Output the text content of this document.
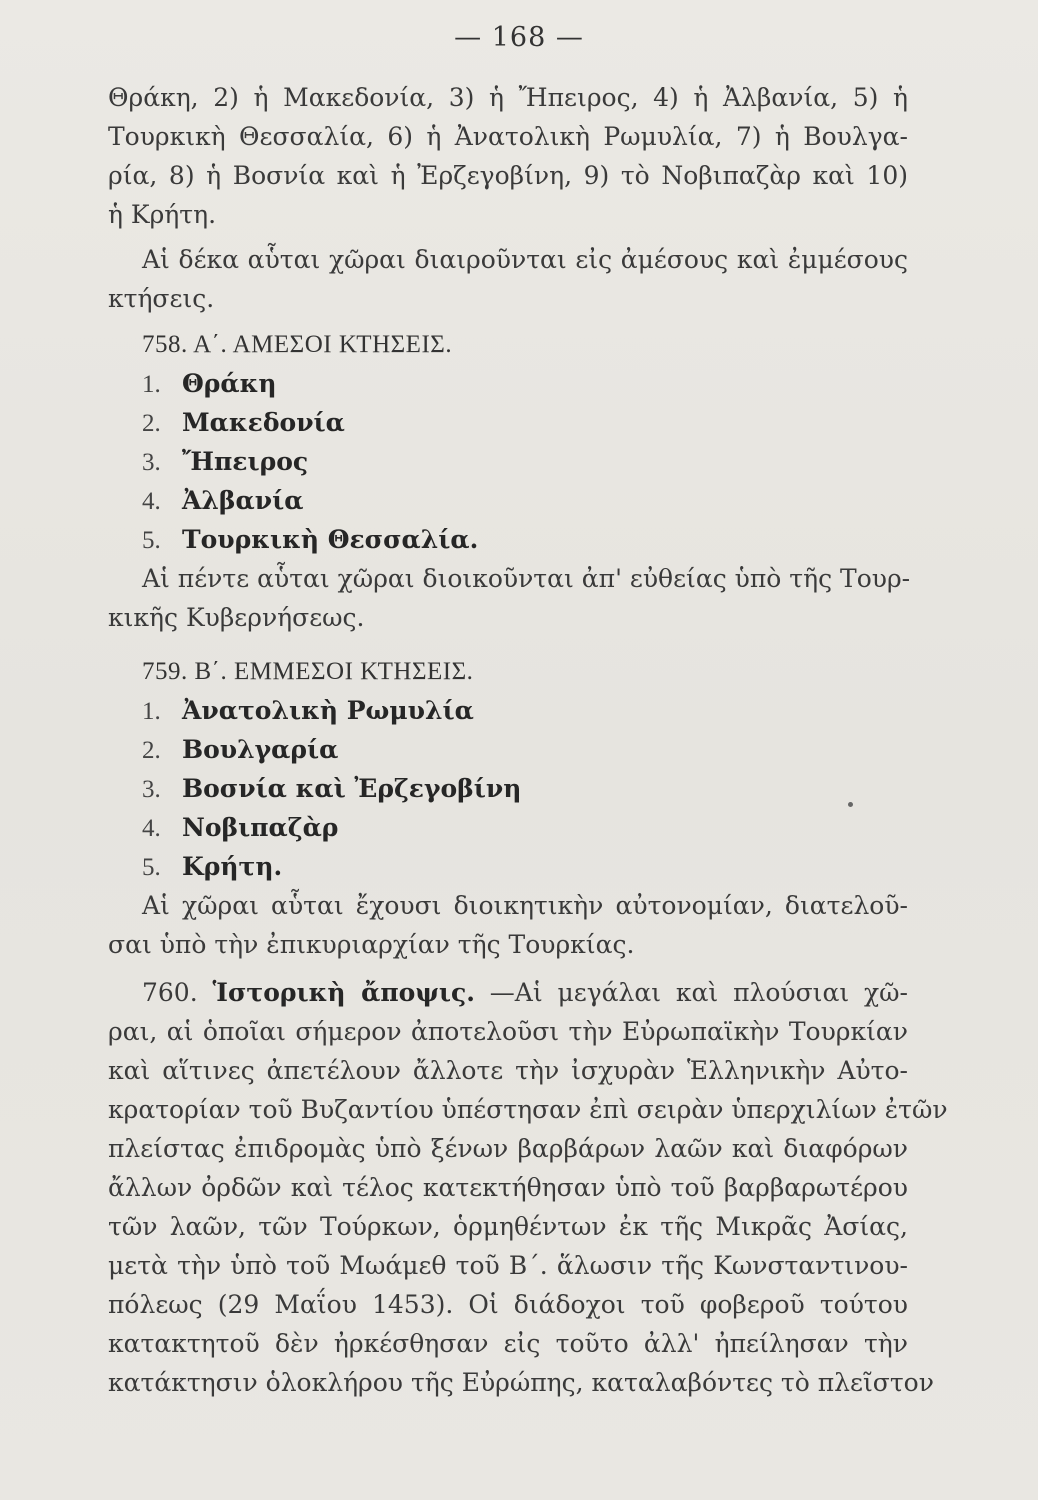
— 168 —
Θράκη, 2) ἡ Μακεδονία, 3) ἡ Ἤπειρος, 4) ἡ Ἀλβανία, 5) ἡ
Τουρκικὴ Θεσσαλία, 6) ἡ Ἀνατολικὴ Ρωμυλία, 7) ἡ Βουλγα-
ρία, 8) ἡ Βοσνία καὶ ἡ Ἐρζεγοβίνη, 9) τὸ Νοβιπαζὰρ καὶ 10)
ἡ Κρήτη.
Αἱ δέκα αὗται χῶραι διαιροῦνται εἰς ἀμέσους καὶ ἐμμέσους
κτήσεις.
758. Α΄. ΑΜΕΣΟΙ ΚΤΗΣΕΙΣ.
1. Θράκη
2. Μακεδονία
3. Ἤπειρος
4. Ἀλβανία
5. Τουρκικὴ Θεσσαλία.
Αἱ πέντε αὗται χῶραι διοικοῦνται ἀπ' εὐθείας ὑπὸ τῆς Τουρ-
κικῆς Κυβερνήσεως.
759. Β΄. ΕΜΜΕΣΟΙ ΚΤΗΣΕΙΣ.
1. Ἀνατολικὴ Ρωμυλία
2. Βουλγαρία
3. Βοσνία καὶ Ἐρζεγοβίνη
4. Νοβιπαζὰρ
5. Κρήτη.
Αἱ χῶραι αὗται ἔχουσι διοικητικὴν αὐτονομίαν, διατελοῦ-
σαι ὑπὸ τὴν ἐπικυριαρχίαν τῆς Τουρκίας.
760. Ἱστορικὴ ἄποψις. —Αἱ μεγάλαι καὶ πλούσιαι χῶ-
ραι, αἱ ὁποῖαι σήμερον ἀποτελοῦσι τὴν Εὐρωπαϊκὴν Τουρκίαν
καὶ αἵτινες ἀπετέλουν ἄλλοτε τὴν ἰσχυρὰν Ἑλληνικὴν Αὐτο-
κρατορίαν τοῦ Βυζαντίου ὑπέστησαν ἐπὶ σειρὰν ὑπερχιλίων ἐτῶν
πλείστας ἐπιδρομὰς ὑπὸ ξένων βαρβάρων λαῶν καὶ διαφόρων
ἄλλων ὀρδῶν καὶ τέλος κατεκτήθησαν ὑπὸ τοῦ βαρβαρωτέρου
τῶν λαῶν, τῶν Τούρκων, ὁρμηθέντων ἐκ τῆς Μικρᾶς Ἀσίας,
μετὰ τὴν ὑπὸ τοῦ Μωάμεθ τοῦ Β΄. ἅλωσιν τῆς Κωνσταντινου-
πόλεως (29 Μαΐου 1453). Οἱ διάδοχοι τοῦ φοβεροῦ τούτου
κατακτητοῦ δὲν ἠρκέσθησαν εἰς τοῦτο ἀλλ' ἠπείλησαν τὴν
κατάκτησιν ὁλοκλήρου τῆς Εὐρώπης, καταλαβόντες τὸ πλεῖστον
